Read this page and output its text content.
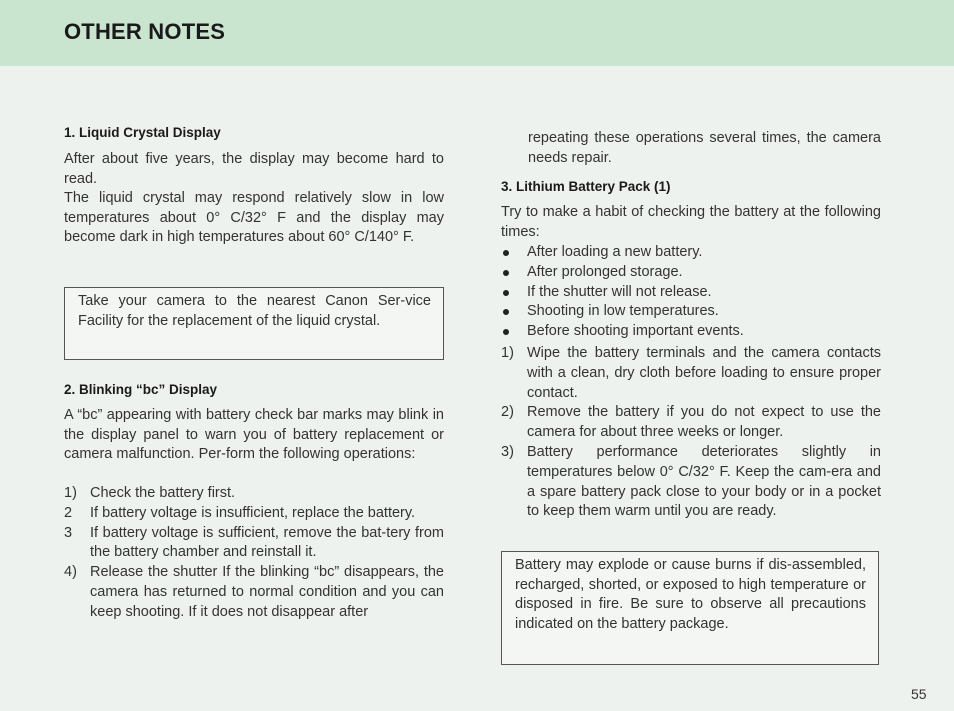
OTHER NOTES
1. Liquid Crystal Display

After about five years, the display may become hard to read.

The liquid crystal may respond relatively slow in low temperatures about 0° C/32° F and the display may become dark in high temperatures about 60° C/140° F.

Take your camera to the nearest Canon Ser-vice Facility for the replacement of the liquid crystal.
2. Blinking “bc” Display

A “bc” appearing with battery check bar marks may blink in the display panel to warn you of battery replacement or camera malfunction. Per-form the following operations:

1) Check the battery first.
2 If battery voltage is insufficient, replace the battery.
3 If battery voltage is sufficient, remove the bat-tery from the battery chamber and reinstall it.
4) Release the shutter If the blinking “bc” disappears, the camera has returned to normal condition and you can keep shooting. If it does not disappear after

repeating these operations several times, the camera needs repair.

3. Lithium Battery Pack (1)

Try to make a habit of checking the battery at the following times:

After loading a new battery.
After prolonged storage.
If the shutter will not release.
Shooting in low temperatures.
Before shooting important events.
1) Wipe the battery terminals and the camera contacts with a clean, dry cloth before loading to ensure proper contact.
2) Remove the battery if you do not expect to use the camera for about three weeks or longer.
3) Battery performance deteriorates slightly in temperatures below 0° C/32° F. Keep the cam-era and a spare battery pack close to your body or in a pocket to keep them warm until you are ready.
Battery may explode or cause burns if dis-assembled, recharged, shorted, or exposed to high temperature or disposed in fire. Be sure to observe all precautions indicated on the battery package.
55
